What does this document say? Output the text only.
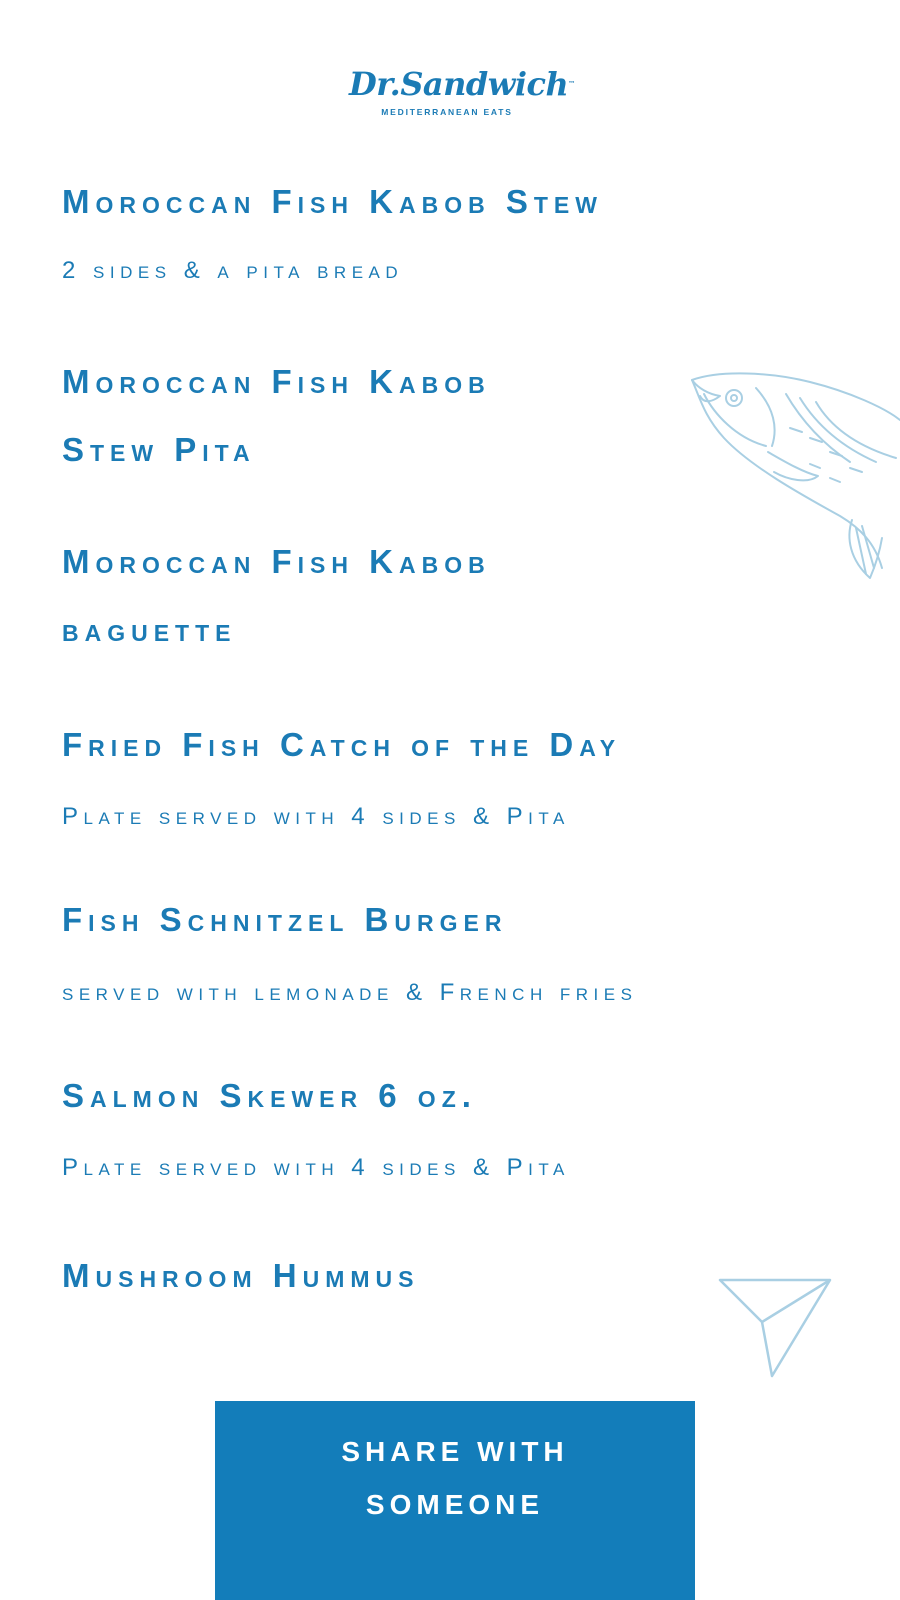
Dr.Sandwich™
MEDITERRANEAN EATS
Moroccan Fish Kabob Stew
2 sides & a pita bread
Moroccan Fish Kabob
Stew Pita
Moroccan Fish Kabob
baguette
Fried Fish Catch of the Day
Plate served with 4 sides & Pita
Fish Schnitzel Burger
served with lemonade & French fries
Salmon Skewer 6 oz.
Plate served with 4 sides & Pita
Mushroom Hummus
SHARE WITH SOMEONE
